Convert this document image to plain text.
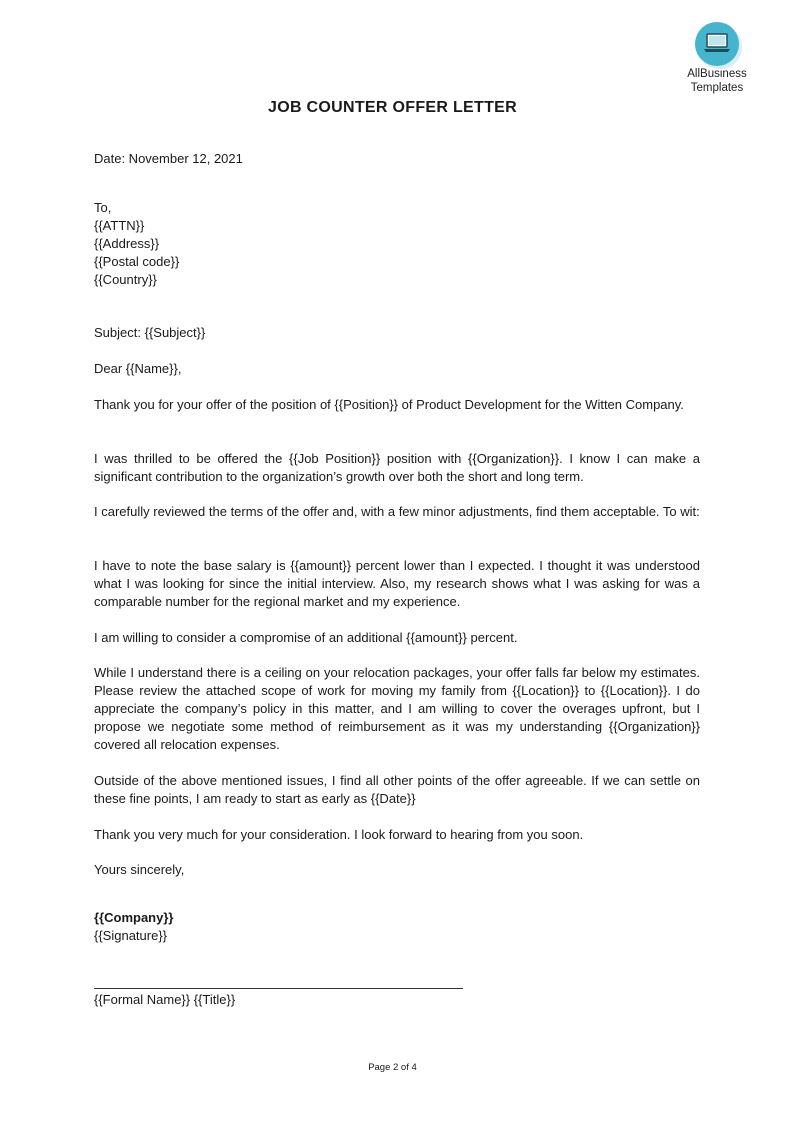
AllBusiness
Templates
JOB COUNTER OFFER LETTER
Date: November 12, 2021
To,
{{ATTN}}
{{Address}}
{{Postal code}}
{{Country}}
Subject: {{Subject}}
Dear {{Name}},
Thank you for your offer of the position of {{Position}} of Product Development for the Witten Company.
I was thrilled to be offered the {{Job Position}} position with {{Organization}}. I know I can make a significant contribution to the organization’s growth over both the short and long term.
I carefully reviewed the terms of the offer and, with a few minor adjustments, find them acceptable. To wit:
I have to note the base salary is {{amount}} percent lower than I expected. I thought it was understood what I was looking for since the initial interview. Also, my research shows what I was asking for was a comparable number for the regional market and my experience.
I am willing to consider a compromise of an additional {{amount}} percent.
While I understand there is a ceiling on your relocation packages, your offer falls far below my estimates. Please review the attached scope of work for moving my family from {{Location}} to {{Location}}. I do appreciate the company’s policy in this matter, and I am willing to cover the overages upfront, but I propose we negotiate some method of reimbursement as it was my understanding {{Organization}} covered all relocation expenses.
Outside of the above mentioned issues, I find all other points of the offer agreeable. If we can settle on these fine points, I am ready to start as early as {{Date}}
Thank you very much for your consideration. I look forward to hearing from you soon.
Yours sincerely,
{{Company}}
{{Signature}}
{{Formal Name}} {{Title}}
Page 2 of 4
